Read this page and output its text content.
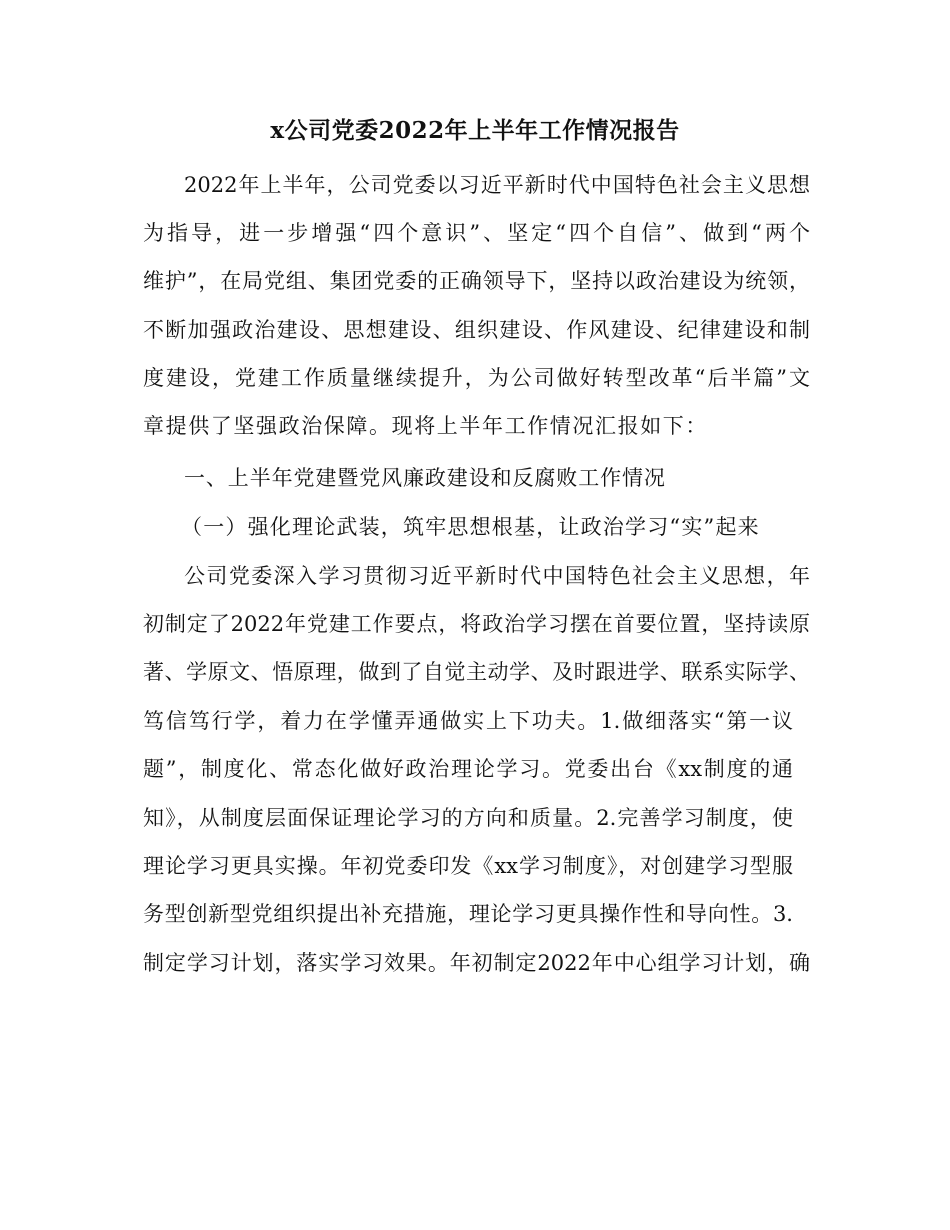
x公司党委2022年上半年工作情况报告
2022年上半年，公司党委以习近平新时代中国特色社会主义思想
为指导，进一步增强“四个意识”、坚定“四个自信”、做到“两个
维护”，在局党组、集团党委的正确领导下，坚持以政治建设为统领，
不断加强政治建设、思想建设、组织建设、作风建设、纪律建设和制
度建设，党建工作质量继续提升，为公司做好转型改革“后半篇”文
章提供了坚强政治保障。现将上半年工作情况汇报如下：
一、上半年党建暨党风廉政建设和反腐败工作情况
（一）强化理论武装，筑牢思想根基，让政治学习“实”起来
公司党委深入学习贯彻习近平新时代中国特色社会主义思想，年
初制定了2022年党建工作要点，将政治学习摆在首要位置，坚持读原
著、学原文、悟原理，做到了自觉主动学、及时跟进学、联系实际学、
笃信笃行学，着力在学懂弄通做实上下功夫。1.做细落实“第一议
题”，制度化、常态化做好政治理论学习。党委出台《xx制度的通
知》，从制度层面保证理论学习的方向和质量。2.完善学习制度，使
理论学习更具实操。年初党委印发《xx学习制度》，对创建学习型服
务型创新型党组织提出补充措施，理论学习更具操作性和导向性。3.
制定学习计划，落实学习效果。年初制定2022年中心组学习计划，确
